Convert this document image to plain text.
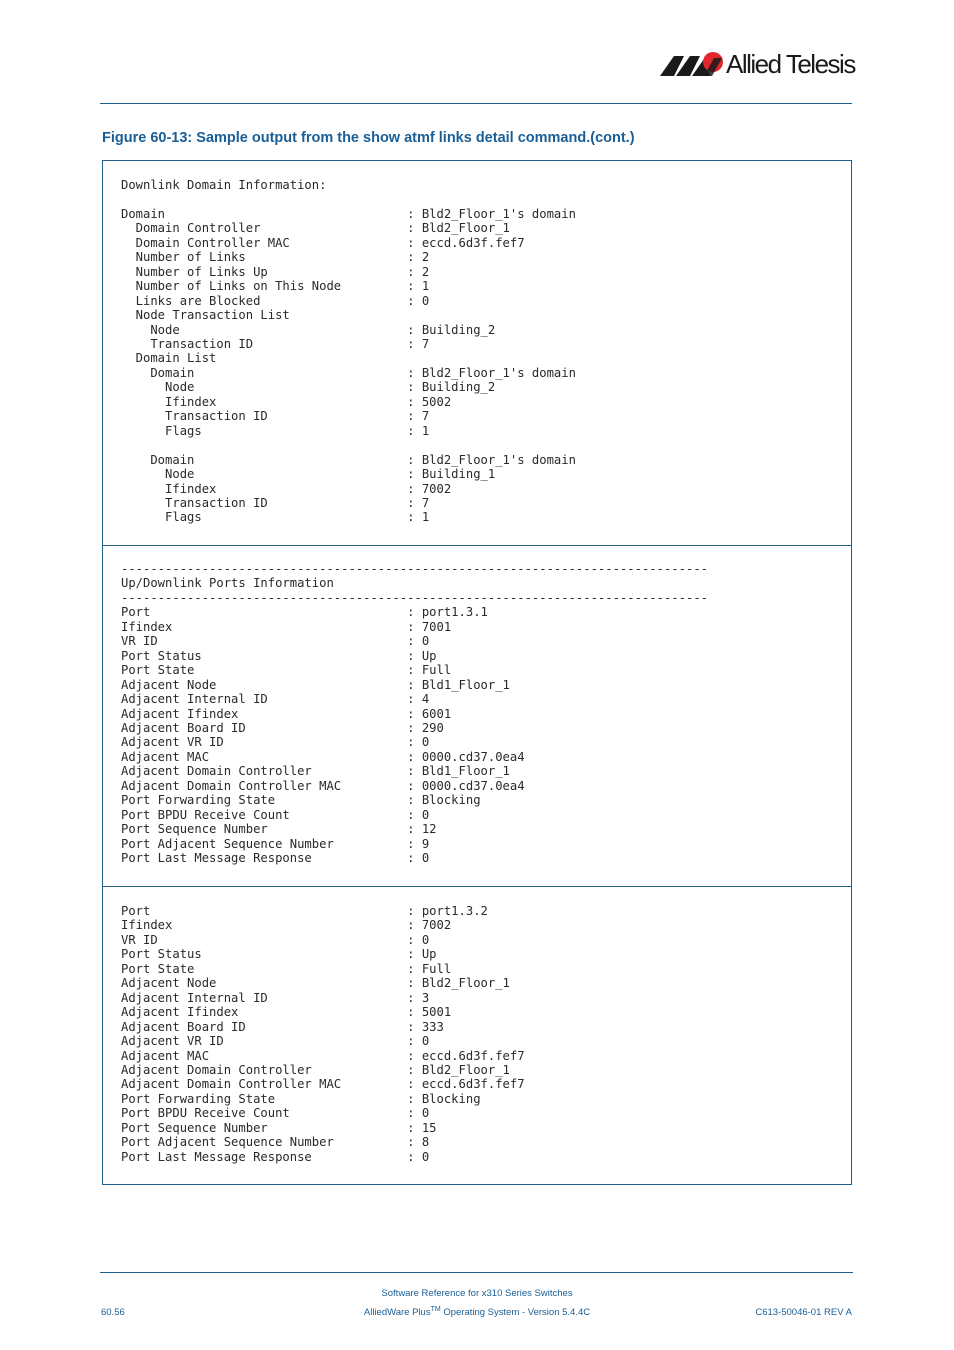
Allied Telesis
Figure 60-13: Sample output from the show atmf links detail command.(cont.)
Downlink Domain Information:

Domain                                 : Bld2_Floor_1's domain
Domain Controller                    : Bld2_Floor_1
Domain Controller MAC                : eccd.6d3f.fef7
Number of Links                      : 2
Number of Links Up                   : 2
Number of Links on This Node         : 1
Links are Blocked                    : 0
Node Transaction List
Node                               : Building_2
Transaction ID                     : 7
Domain List
Domain                             : Bld2_Floor_1's domain
Node                             : Building_2
Ifindex                          : 5002
Transaction ID                   : 7
Flags                            : 1

Domain                             : Bld2_Floor_1's domain
Node                             : Building_1
Ifindex                          : 7002
Transaction ID                   : 7
Flags                            : 1
--------------------------------------------------------------------------------
Up/Downlink Ports Information
--------------------------------------------------------------------------------
Port                                   : port1.3.1
Ifindex                                : 7001
VR ID                                  : 0
Port Status                            : Up
Port State                             : Full
Adjacent Node                          : Bld1_Floor_1
Adjacent Internal ID                   : 4
Adjacent Ifindex                       : 6001
Adjacent Board ID                      : 290
Adjacent VR ID                         : 0
Adjacent MAC                           : 0000.cd37.0ea4
Adjacent Domain Controller             : Bld1_Floor_1
Adjacent Domain Controller MAC         : 0000.cd37.0ea4
Port Forwarding State                  : Blocking
Port BPDU Receive Count                : 0
Port Sequence Number                   : 12
Port Adjacent Sequence Number          : 9
Port Last Message Response             : 0
Port                                   : port1.3.2
Ifindex                                : 7002
VR ID                                  : 0
Port Status                            : Up
Port State                             : Full
Adjacent Node                          : Bld2_Floor_1
Adjacent Internal ID                   : 3
Adjacent Ifindex                       : 5001
Adjacent Board ID                      : 333
Adjacent VR ID                         : 0
Adjacent MAC                           : eccd.6d3f.fef7
Adjacent Domain Controller             : Bld2_Floor_1
Adjacent Domain Controller MAC         : eccd.6d3f.fef7
Port Forwarding State                  : Blocking
Port BPDU Receive Count                : 0
Port Sequence Number                   : 15
Port Adjacent Sequence Number          : 8
Port Last Message Response             : 0
Software Reference for x310 Series Switches
60.56	AlliedWare Plus™ Operating System - Version 5.4.4C	C613-50046-01 REV A
